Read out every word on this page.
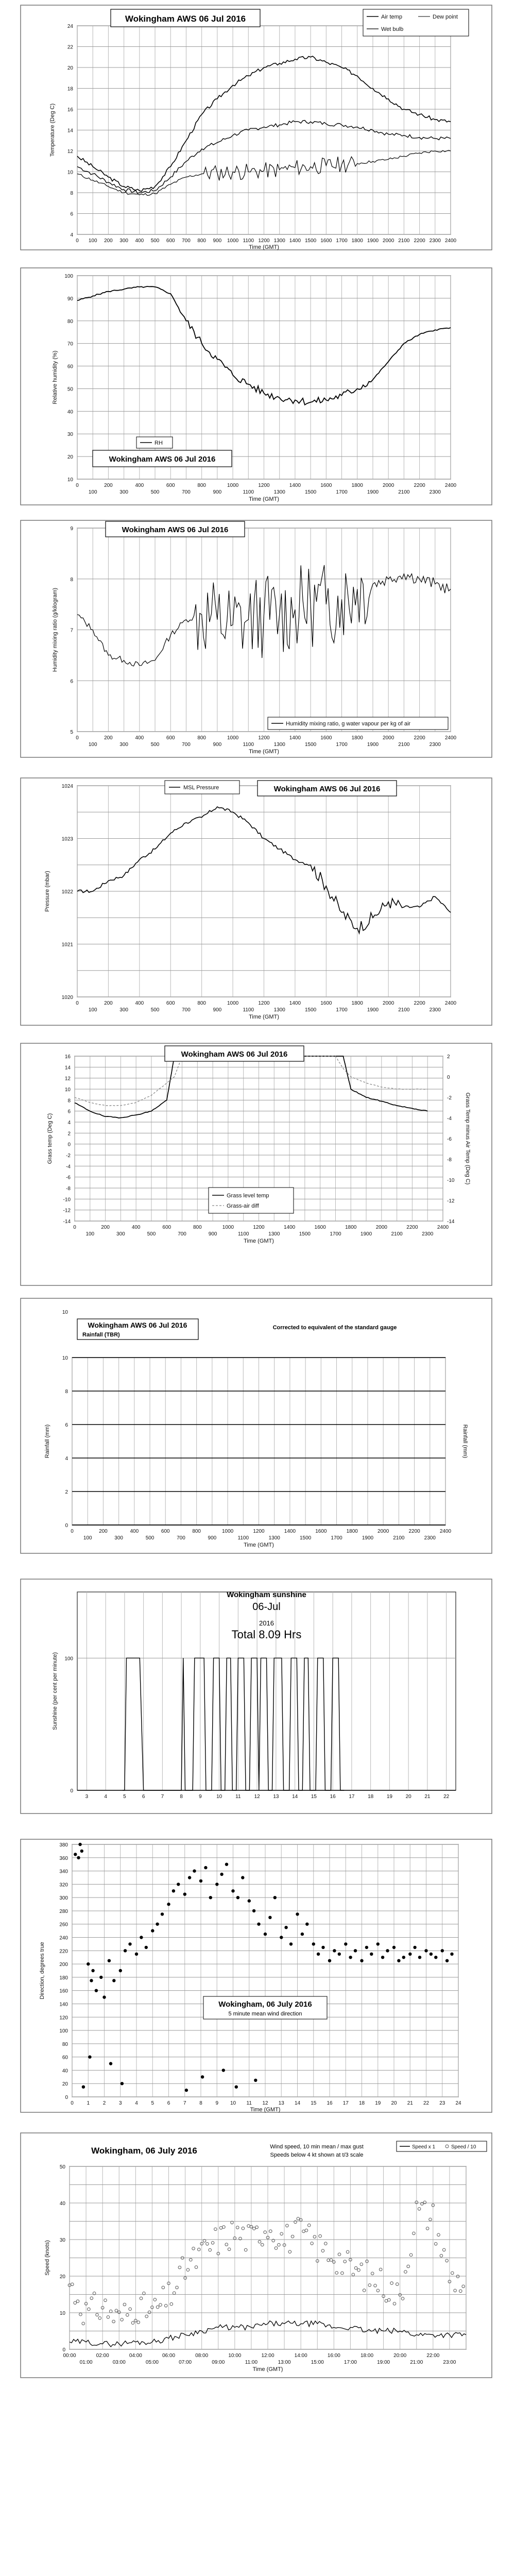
4
6
8
10
12
14
16
18
20
22
24
0 100 200 300 400 500 600 700 800 900 1000 1100 1200 1300 1400 1500 1600 1700 1800 1900 2000 2100 2200 2300 2400
Time (GMT)
Temperature (Deg C)
Wokingham AWS 06 Jul 2016	Air temp	Dew point
Wet bulb
10
20
30
40
50
60
70
80
90
100
0	200	400	600	800	1000	1200	1400	1600	1800	2000	2200	2400
100	300	500	700	900	1100	1300	1500	1700	1900	2100	2300
Time (GMT)
Relative humidity (%)
RH
Wokingham AWS 06 Jul 2016
5
6
7
8
9
0	200	400	600	800	1000	1200	1400	1600	1800	2000	2200	2400
100	300	500	700	900	1100	1300	1500	1700	1900	2100	2300
Time (GMT)
Humidity mixing ratio (g/kilogram)
Wokingham AWS 06 Jul 2016
Humidity mixing ratio, g water vapour per kg of air
1020
1021
1022
1023
1024
0	200	400	600	800	1000	1200	1400	1600	1800	2000	2200	2400
100	300	500	700	900	1100	1300	1500	1700	1900	2100	2300
Time (GMT)
Pressure (mbar)
MSL Pressure	Wokingham AWS 06 Jul 2016
-14
-12
-10
-8
-6
-4
-2
0
2
4
6
8
10
12
14
16
-14
-12
-10
-8
-6
-4
-2
0
2
0	200	400	600	800	1000	1200	1400	1600	1800	2000	2200	2400
100	300	500	700	900	1100	1300	1500	1700	1900	2100	2300
Time (GMT)
Grass temp (Deg C)	Grass Temp minus Air Temp (Deg C)
Wokingham AWS 06 Jul 2016
Grass level temp
Grass-air diff
0
2
4
6
8
10
10
0	200	400	600	800	1000	1200	1400	1600	1800	2000	2200	2400
100	300	500	700	900	1100	1300	1500	1700	1900	2100	2300
Time (GMT)
Rainfall (mm)	Rainfall (mm)
Wokingham AWS 06 Jul 2016
Rainfall (TBR)
Corrected to equivalent of the standard gauge
0
100
3	4	5	6	7	8	9	10	11	12	13	14	15	16	17	18	19	20	21	22
Sunshine (per cent per minute)
Wokingham sunshine
06-Jul
2016
Total 8.09 Hrs
0
20
40
60
80
100
120
140
160
180
200
220
240
260
280
300
320
340
360
380
0	1	2	3	4	5	6	7	8	9 10 11 12 13 14 15 16 17 18 19 20 21 22 23 24
Time (GMT)
Direction, degrees true
Wokingham, 06 July 2016
5 minute mean wind direction
0
10
20
30
40
50
00:00	02:00	04:00	06:00	08:00	10:00	12:00	14:00	16:00	18:00	20:00	22:00
01:00	03:00	05:00	07:00	09:00	11:00	13:00	15:00	17:00	19:00	21:00	23:00
Time (GMT)
Speed (knots)
Wokingham, 06 July 2016	Wind speed, 10 min mean / max gust
Speeds below 4 kt shown at t/3 scale
Speed x 1	Speed / 10
